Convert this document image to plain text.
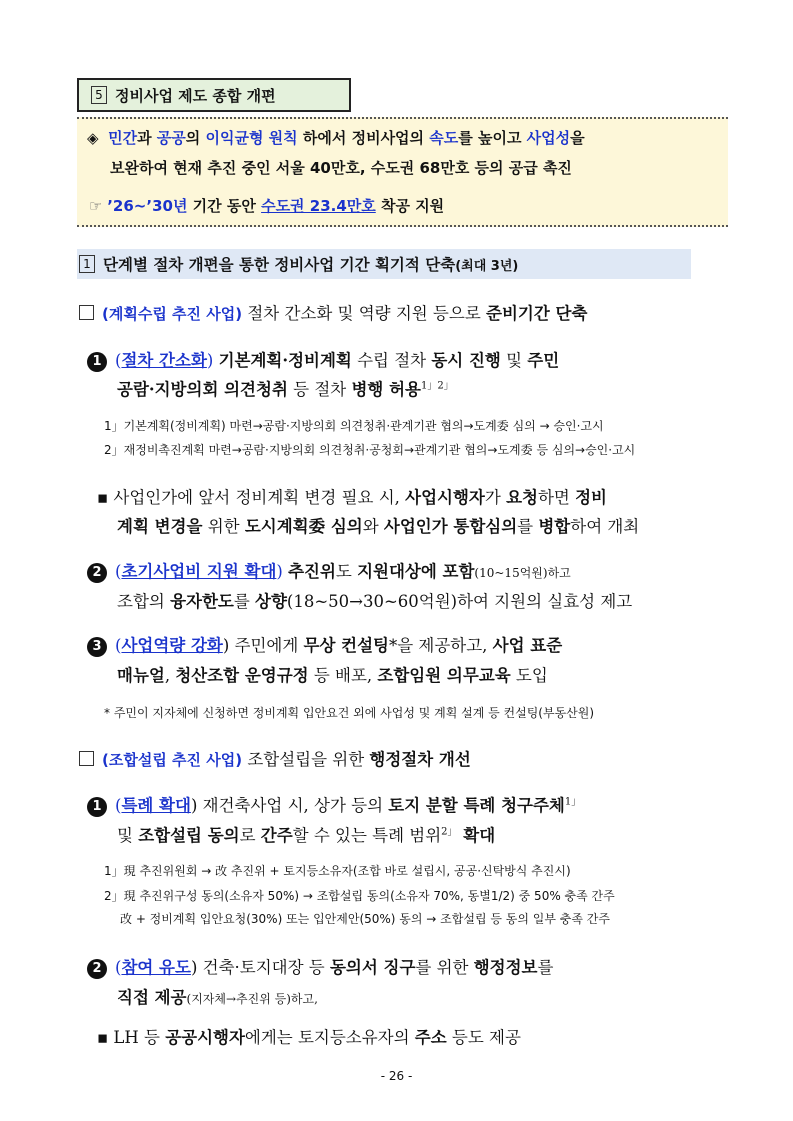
5 정비사업 제도 종합 개편
◈ 민간과 공공의 이익균형 원칙 하에서 정비사업의 속도를 높이고 사업성을
보완하여 현재 추진 중인 서울 40만호, 수도권 68만호 등의 공급 촉진
☞ ’26~’30년 기간 동안 수도권 23.4만호 착공 지원
1 단계별 절차 개편을 통한 정비사업 기간 획기적 단축 (최대 3년)
(계획수립 추진 사업) 절차 간소화 및 역량 지원 등으로 준비기간 단축
1 (절차 간소화) 기본계획·정비계획 수립 절차 동시 진행 및 주민
공람·지방의회 의견청취 등 절차 병행 허용$^{1」2」}$
1」기본계획(정비계획) 마련→공람·지방의회 의견청취·관계기관 협의→도계委 심의 → 승인·고시
2」재정비촉진계획 마련→공람·지방의회 의견청취·공청회→관계기관 협의→도계委 등 심의→승인·고시
▪ 사업인가에 앞서 정비계획 변경 필요 시, 사업시행자가 요청하면 정비
계획 변경을 위한 도시계획委 심의와 사업인가 통합심의를 병합하여 개최
2 (초기사업비 지원 확대) 추진위도 지원대상에 포함(10~15억원)하고
조합의 융자한도를 상향(18~50→30~60억원)하여 지원의 실효성 제고
3 (사업역량 강화) 주민에게 무상 컨설팅*을 제공하고, 사업 표준
매뉴얼, 청산조합 운영규정 등 배포, 조합임원 의무교육 도입
* 주민이 지자체에 신청하면 정비계획 입안요건 외에 사업성 및 계획 설계 등 컨설팅(부동산원)
(조합설립 추진 사업) 조합설립을 위한 행정절차 개선
1 (특례 확대) 재건축사업 시, 상가 등의 토지 분할 특례 청구주체$^{1」}$
및 조합설립 동의로 간주할 수 있는 특례 범위$^{2」}$ 확대
1」現 추진위원회 → 改 추진위 + 토지등소유자(조합 바로 설립시, 공공·신탁방식 추진시)
2」現 추진위구성 동의(소유자 50%) → 조합설립 동의(소유자 70%, 동별1/2) 중 50% 충족 간주
改 + 정비계획 입안요청(30%) 또는 입안제안(50%) 동의 → 조합설립 등 동의 일부 충족 간주
2 (참여 유도) 건축·토지대장 등 동의서 징구를 위한 행정정보를
직접 제공(지자체→추진위 등)하고,
▪ LH 등 공공시행자에게는 토지등소유자의 주소 등도 제공
- 26 -
